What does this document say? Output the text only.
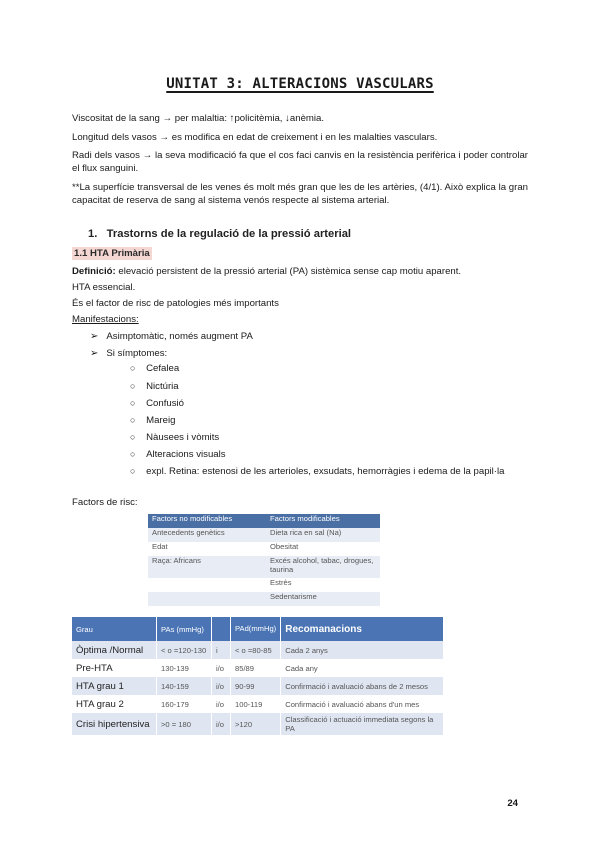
UNITAT 3: ALTERACIONS VASCULARS
Viscositat de la sang → per malaltia: ↑policitèmia, ↓anèmia.
Longitud dels vasos → es modifica en edat de creixement i en les malalties vasculars.
Radi dels vasos → la seva modificació fa que el cos faci canvis en la resistència perifèrica i poder controlar el flux sanguini.
**La superfície transversal de les venes és molt més gran que les de les artèries, (4/1). Això explica la gran capacitat de reserva de sang al sistema venós respecte al sistema arterial.
1. Trastorns de la regulació de la pressió arterial
1.1 HTA Primària
Definició: elevació persistent de la pressió arterial (PA) sistèmica sense cap motiu aparent.
HTA essencial.
És el factor de risc de patologies més importants
Manifestacions:
➢ Asimptomàtic, només augment PA
➢ Si símptomes:
○ Cefalea
○ Nictúria
○ Confusió
○ Mareig
○ Nàusees i vòmits
○ Alteracions visuals
○ expl. Retina: estenosi de les arterioles, exsudats, hemorràgies i edema de la papil·la
Factors de risc:
Factors no modificables	Factors modificables
Antecedents genètics	Dieta rica en sal (Na)
Edat	Obesitat
Raça: Africans	Excés alcohol, tabac, drogues, taurina
	Estrès
	Sedentarisme
Grau	PAs (mmHg)		PAd(mmHg)	Recomanacions
Òptima /Normal	< o =120-130	i	< o =80-85	Cada 2 anys
Pre-HTA	130-139	i/o	85/89	Cada any
HTA grau 1	140-159	i/o	90-99	Confirmació i avaluació abans de 2 mesos
HTA grau 2	160-179	i/o	100-119	Confirmació i avaluació abans d'un mes
Crisi hipertensiva	>0 = 180	i/o	>120	Classificació i actuació immediata segons la PA
24
